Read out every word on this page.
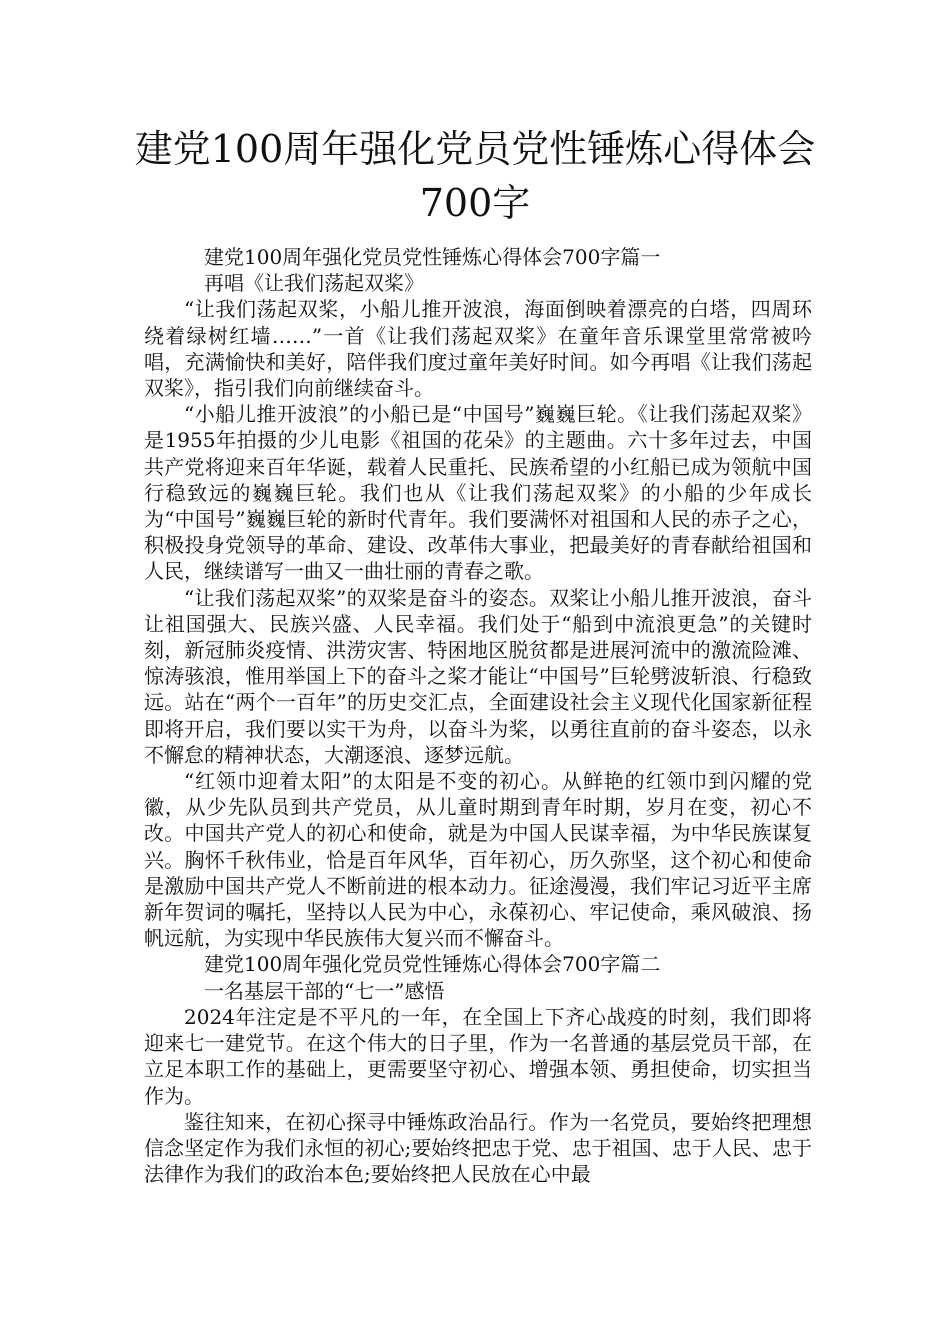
建党100周年强化党员党性锤炼心得体会
700字

建党100周年强化党员党性锤炼心得体会700字篇一

再唱《让我们荡起双桨》

“让我们荡起双桨，小船儿推开波浪，海面倒映着漂亮的白塔，四周环绕着绿树红墙……”一首《让我们荡起双桨》在童年音乐课堂里常常被吟唱，充满愉快和美好，陪伴我们度过童年美好时间。如今再唱《让我们荡起双桨》，指引我们向前继续奋斗。

“小船儿推开波浪”的小船已是“中国号”巍巍巨轮。《让我们荡起双桨》是1955年拍摄的少儿电影《祖国的花朵》的主题曲。六十多年过去，中国共产党将迎来百年华诞，载着人民重托、民族希望的小红船已成为领航中国行稳致远的巍巍巨轮。我们也从《让我们荡起双桨》的小船的少年成长为“中国号”巍巍巨轮的新时代青年。我们要满怀对祖国和人民的赤子之心，积极投身党领导的革命、建设、改革伟大事业，把最美好的青春献给祖国和人民，继续谱写一曲又一曲壮丽的青春之歌。

“让我们荡起双桨”的双桨是奋斗的姿态。双桨让小船儿推开波浪，奋斗让祖国强大、民族兴盛、人民幸福。我们处于“船到中流浪更急”的关键时刻，新冠肺炎疫情、洪涝灾害、特困地区脱贫都是进展河流中的激流险滩、惊涛骇浪，惟用举国上下的奋斗之桨才能让“中国号”巨轮劈波斩浪、行稳致远。站在“两个一百年”的历史交汇点，全面建设社会主义现代化国家新征程即将开启，我们要以实干为舟，以奋斗为桨，以勇往直前的奋斗姿态，以永不懈怠的精神状态，大潮逐浪、逐梦远航。

“红领巾迎着太阳”的太阳是不变的初心。从鲜艳的红领巾到闪耀的党徽，从少先队员到共产党员，从儿童时期到青年时期，岁月在变，初心不改。中国共产党人的初心和使命，就是为中国人民谋幸福，为中华民族谋复兴。胸怀千秋伟业，恰是百年风华，百年初心，历久弥坚，这个初心和使命是激励中国共产党人不断前进的根本动力。征途漫漫，我们牢记习近平主席新年贺词的嘱托，坚持以人民为中心，永葆初心、牢记使命，乘风破浪、扬帆远航，为实现中华民族伟大复兴而不懈奋斗。

建党100周年强化党员党性锤炼心得体会700字篇二

一名基层干部的“七一”感悟

2024年注定是不平凡的一年，在全国上下齐心战疫的时刻，我们即将迎来七一建党节。在这个伟大的日子里，作为一名普通的基层党员干部，在立足本职工作的基础上，更需要坚守初心、增强本领、勇担使命，切实担当作为。

鉴往知来，在初心探寻中锤炼政治品行。作为一名党员，要始终把理想信念坚定作为我们永恒的初心;要始终把忠于党、忠于祖国、忠于人民、忠于法律作为我们的政治本色;要始终把人民放在心中最
